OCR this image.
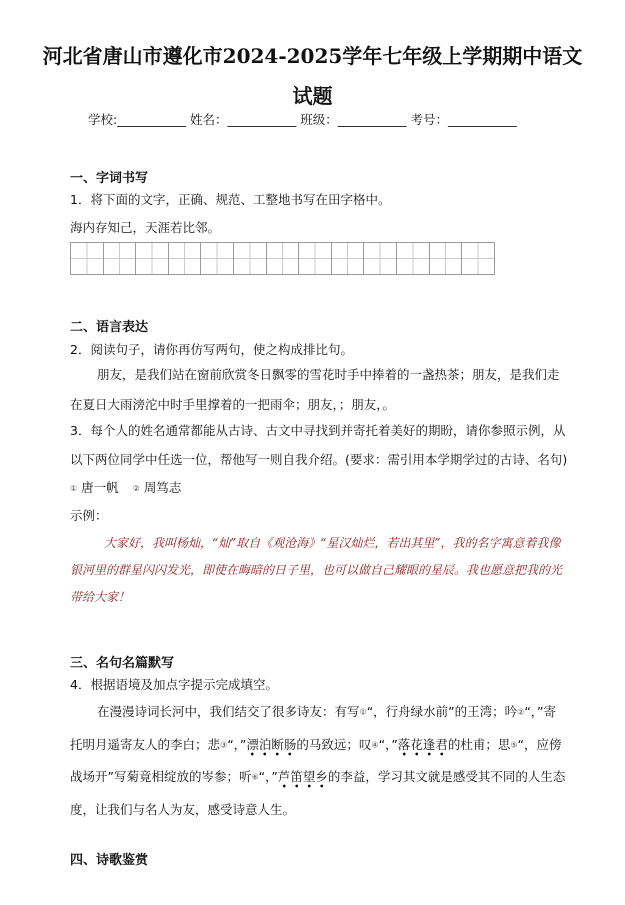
河北省唐山市遵化市2024-2025学年七年级上学期期中语文试题
学校:___________ 姓名：___________ 班级：___________ 考号：___________
一、字词书写
1．将下面的文字，正确、规范、工整地书写在田字格中。
海内存知己，天涯若比邻。
二、语言表达
2．阅读句子，请你再仿写两句，使之构成排比句。
朋友，是我们站在窗前欣赏冬日飘零的雪花时手中捧着的一盏热茶；朋友，是我们走在夏日大雨滂沱中时手里撑着的一把雨伞；朋友，；朋友，。
3．每个人的姓名通常都能从古诗、古文中寻找到并寄托着美好的期盼，请你参照示例，从以下两位同学中任选一位，帮他写一则自我介绍。(要求：需引用本学期学过的古诗、名句)
① 唐一帆 ② 周笃志
示例：
大家好，我叫杨灿，“灿”取自《观沧海》“星汉灿烂，若出其里”，我的名字寓意着我像银河里的群星闪闪发光，即使在晦暗的日子里，也可以做自己耀眼的星辰。我也愿意把我的光带给大家！
三、名句名篇默写
4．根据语境及加点字提示完成填空。
在漫漫诗词长河中，我们结交了很多诗友：有写①“，行舟绿水前”的王湾；吟②“，”寄托明月遥寄友人的李白；悲③“，”漂泊断肠的马致远；叹④“，”落花逢君的杜甫；思⑤“，应傍战场开”写菊竟相绽放的岑参；听⑥“，”芦笛望乡的李益，学习其文就是感受其不同的人生态度，让我们与名人为友，感受诗意人生。
四、诗歌鉴赏
